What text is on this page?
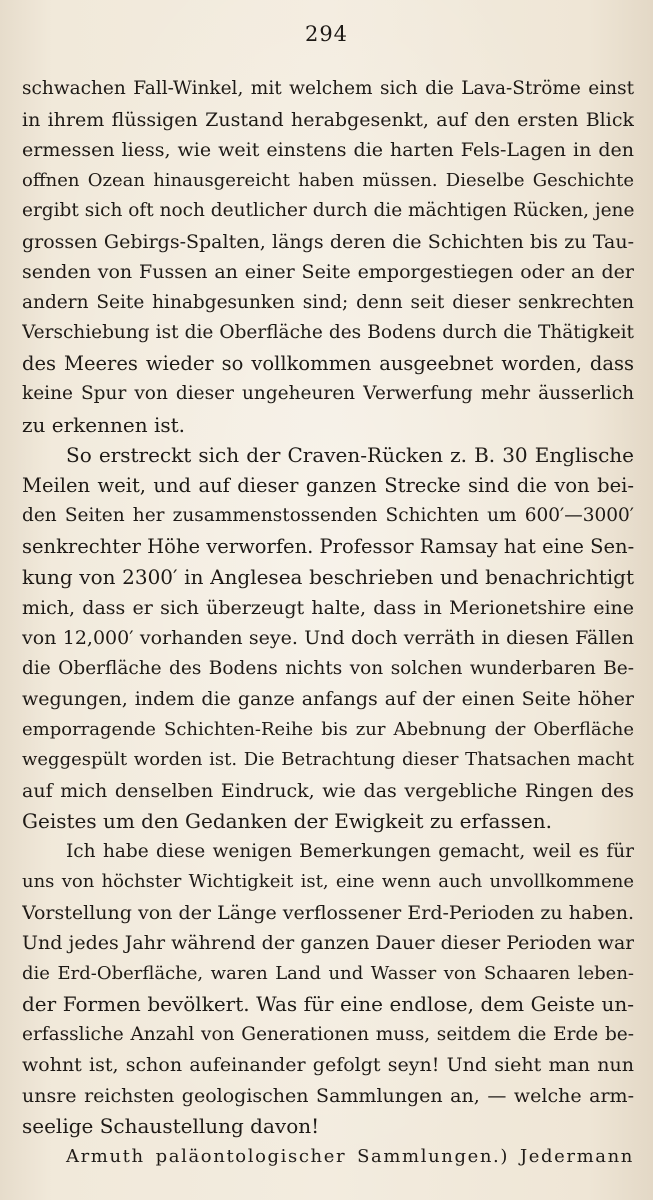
294
schwachen Fall-Winkel, mit welchem sich die Lava-Ströme einst
in ihrem flüssigen Zustand herabgesenkt, auf den ersten Blick
ermessen liess, wie weit einstens die harten Fels-Lagen in den
offnen Ozean hinausgereicht haben müssen. Dieselbe Geschichte
ergibt sich oft noch deutlicher durch die mächtigen Rücken, jene
grossen Gebirgs-Spalten, längs deren die Schichten bis zu Tau-
senden von Fussen an einer Seite emporgestiegen oder an der
andern Seite hinabgesunken sind; denn seit dieser senkrechten
Verschiebung ist die Oberfläche des Bodens durch die Thätigkeit
des Meeres wieder so vollkommen ausgeebnet worden, dass
keine Spur von dieser ungeheuren Verwerfung mehr äusserlich
zu erkennen ist.
So erstreckt sich der Craven-Rücken z. B. 30 Englische
Meilen weit, und auf dieser ganzen Strecke sind die von bei-
den Seiten her zusammenstossenden Schichten um 600′—3000′
senkrechter Höhe verworfen. Professor Ramsay hat eine Sen-
kung von 2300′ in Anglesea beschrieben und benachrichtigt
mich, dass er sich überzeugt halte, dass in Merionetshire eine
von 12,000′ vorhanden seye. Und doch verräth in diesen Fällen
die Oberfläche des Bodens nichts von solchen wunderbaren Be-
wegungen, indem die ganze anfangs auf der einen Seite höher
emporragende Schichten-Reihe bis zur Abebnung der Oberfläche
weggespült worden ist. Die Betrachtung dieser Thatsachen macht
auf mich denselben Eindruck, wie das vergebliche Ringen des
Geistes um den Gedanken der Ewigkeit zu erfassen.
Ich habe diese wenigen Bemerkungen gemacht, weil es für
uns von höchster Wichtigkeit ist, eine wenn auch unvollkommene
Vorstellung von der Länge verflossener Erd-Perioden zu haben.
Und jedes Jahr während der ganzen Dauer dieser Perioden war
die Erd-Oberfläche, waren Land und Wasser von Schaaren leben-
der Formen bevölkert. Was für eine endlose, dem Geiste un-
erfassliche Anzahl von Generationen muss, seitdem die Erde be-
wohnt ist, schon aufeinander gefolgt seyn! Und sieht man nun
unsre reichsten geologischen Sammlungen an, — welche arm-
seelige Schaustellung davon!
Armuth paläontologischer Sammlungen.) Jedermann
